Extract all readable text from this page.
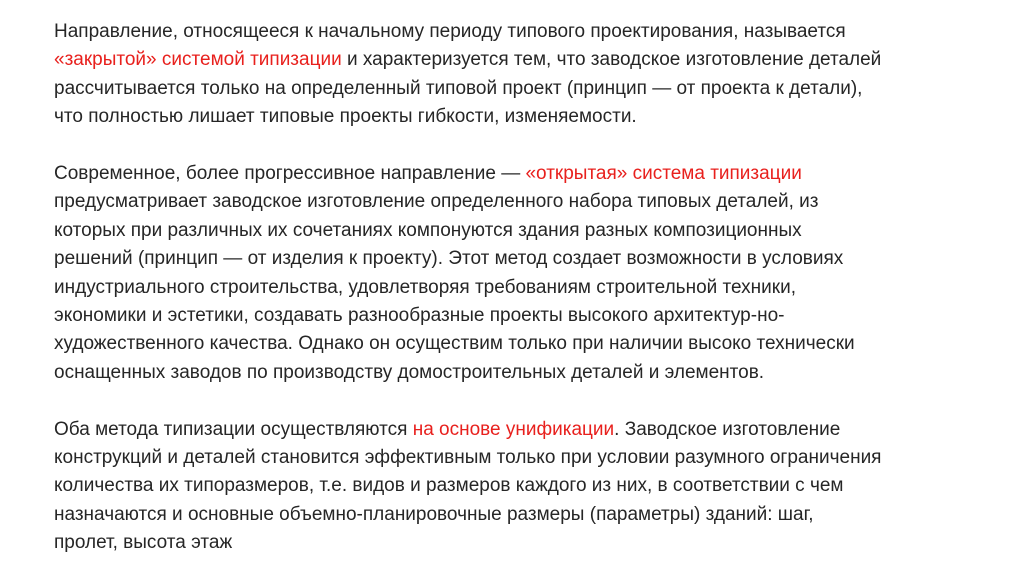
Направление, относящееся к начальному периоду типового проектирования, называется
«закрытой» системой типизации и характеризуется тем, что заводское изготовление деталей
рассчитывается только на определенный типовой проект (принцип — от проекта к детали),
что полностью лишает типовые проекты гибкости, изменяемости.

Современное, более прогрессивное направление — «открытая» система типизации
предусматривает заводское изготовление определенного набора типовых деталей, из
которых при различных их сочетаниях компонуются здания разных композиционных
решений (принцип — от изделия к проекту). Этот метод создает возможности в условиях
индустриального строительства, удовлетворяя требованиям строительной техники,
экономики и эстетики, создавать разнообразные проекты высокого архитектур-но-
художественного качества. Однако он осуществим только при наличии высоко технически
оснащенных заводов по производству домостроительных деталей и элементов.

Оба метода типизации осуществляются на основе унификации. Заводское изготовление
конструкций и деталей становится эффективным только при условии разумного ограничения
количества их типоразмеров, т.е. видов и размеров каждого из них, в соответствии с чем
назначаются и основные объемно-планировочные размеры (параметры) зданий: шаг,
пролет, высота этаж
